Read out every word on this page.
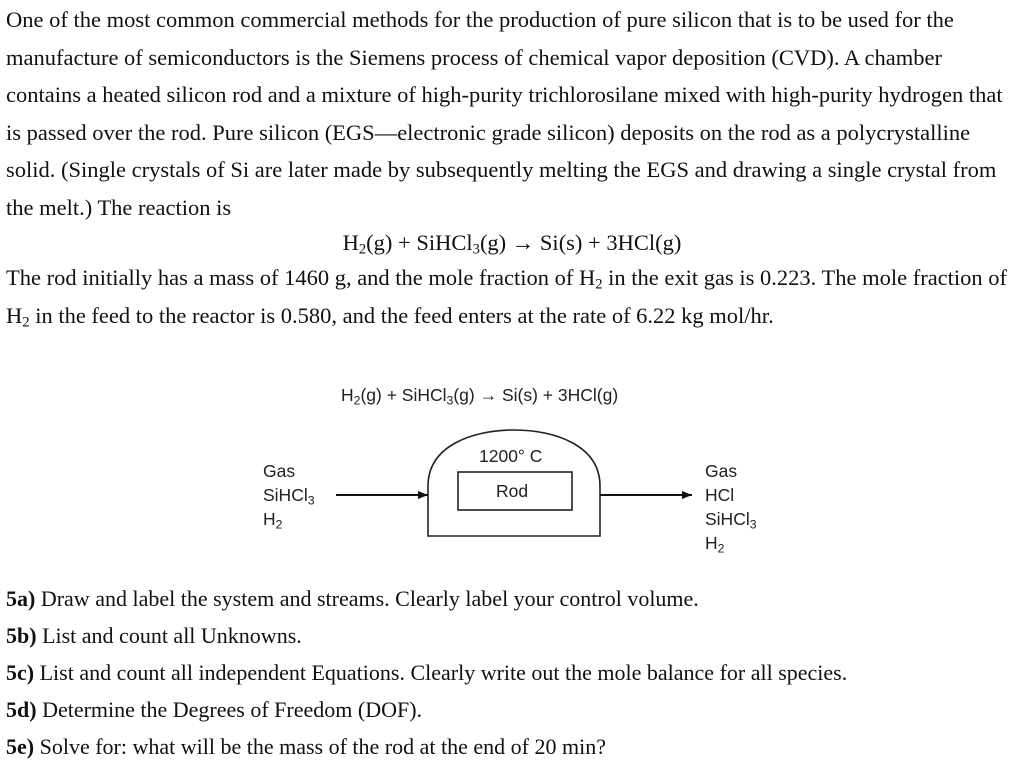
One of the most common commercial methods for the production of pure silicon that is to be used for the manufacture of semiconductors is the Siemens process of chemical vapor deposition (CVD). A chamber contains a heated silicon rod and a mixture of high-purity trichlorosilane mixed with high-purity hydrogen that is passed over the rod. Pure silicon (EGS—electronic grade silicon) deposits on the rod as a polycrystalline solid. (Single crystals of Si are later made by subsequently melting the EGS and drawing a single crystal from the melt.) The reaction is
$H_2(g)$ + SiHCl$_3$(g) → Si(s) + 3HCl(g)
The rod initially has a mass of 1460 g, and the mole fraction of $H_2$ in the exit gas is 0.223. The mole fraction of $H_2$ in the feed to the reactor is 0.580, and the feed enters at the rate of 6.22 kg mol/hr.
$H_2(g)$ + SiHCl$_3$(g) → Si(s) + 3HCl(g)
1200° C
Rod
Gas
SiHCl$_3$
$H_2$
Gas
HCl
SiHCl$_3$
$H_2$
5a) Draw and label the system and streams. Clearly label your control volume.
5b) List and count all Unknowns.
5c) List and count all independent Equations. Clearly write out the mole balance for all species.
5d) Determine the Degrees of Freedom (DOF).
5e) Solve for: what will be the mass of the rod at the end of 20 min?
